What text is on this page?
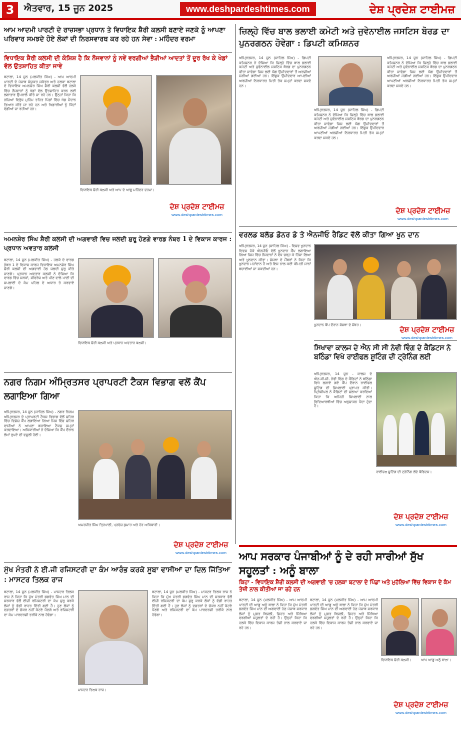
3	ਐਤਵਾਰ, 15 ਜੂਨ 2025	www.deshpardeshtimes.com	ਦੇਸ਼ ਪ੍ਰਦੇਸ਼ ਟਾਈਮਜ਼
ਆਮ ਆਦਮੀ ਪਾਰਟੀ ਦੇ ਰਾਜ਼ਸਭਾ ਪ੍ਰਧਾਨ ਤੇ ਵਿਧਾਇਕ ਸ਼ੈਰੀ ਕਲਸੀ ਬਣਾਏ ਜਣਕੇ ਨੂੰ ਆਪਣਾ ਪਰਿਵਾਰ ਸਮਝਦੇ ਹੋਏ ਲੋਕਾਂ ਦੀ ਨਿਰਸਵਾਰਥ ਕਰ ਰਹੇ ਹਨ ਸੇਵਾ : ਮਹਿੰਦਰ ਵਰਮਾ
ਵਿਧਾਇਕ ਸ਼ੈਰੀ ਕਲਸੀ ਦੀ ਕੋਸ਼ਿਸ਼ ਹੈ ਕਿ ਨੌਜਵਾਨਾਂ ਨੂੰ ਨਵੇਂ ਵਰਗੀਆਂ ਭੈੜੀਆਂ ਆਦਤਾਂ ਤੋਂ ਦੂਰ ਰੱਖ ਕੇ ਖੇਡਾਂ ਵੱਲ ਉਤਸ਼ਾਹਿਤ ਕੀਤਾ ਜਾਵੇ
ਬਟਾਲਾ, 14 ਜੂਨ (ਮਲਕੀਤ ਸਿੰਘ) - ਆਮ ਆਦਮੀ ਪਾਰਟੀ ਦੇ ਪੰਜਾਬ ਸੰਯੁਕਤ ਸਕੱਤਰ ਅਤੇ ਹਲਕਾ ਬਟਾਲਾ ਦੇ ਵਿਧਾਇਕ ਅਮਨਸ਼ੇਰ ਸਿੰਘ ਸ਼ੈਰੀ ਕਲਸੀ ਵੱਲੋਂ ਹਲਕੇ ਵਿੱਚ ਨੌਜਵਾਨਾਂ ਨੂੰ ਖੇਡਾਂ ਵੱਲ ਉਤਸ਼ਾਹਿਤ ਕਰਨ ਲਈ ਲਗਾਤਾਰ ਉਪਰਾਲੇ ਕੀਤੇ ਜਾ ਰਹੇ ਹਨ। ਉਨ੍ਹਾਂ ਕਿਹਾ ਕਿ ਨਸ਼ਿਆਂ ਵਿਰੁੱਧ ਮੁਹਿੰਮ ਤਹਿਤ ਪਿੰਡਾਂ ਵਿੱਚ ਖੇਡ ਮੈਦਾਨ ਤਿਆਰ ਕੀਤੇ ਜਾ ਰਹੇ ਹਨ ਅਤੇ ਖਿਡਾਰੀਆਂ ਨੂੰ ਕਿੱਟਾਂ ਵੰਡੀਆਂ ਜਾ ਰਹੀਆਂ ਹਨ।
ਵਿਧਾਇਕ ਸ਼ੈਰੀ ਕਲਸੀ ਅਤੇ ਆਪ ਦੇ ਆਗੂ ਮਹਿੰਦਰ ਵਰਮਾ।
ਦੇਸ਼ ਪ੍ਰਦੇਸ਼ ਟਾਈਮਜ਼
www.deshpardeshtimes.com
ਅਮਨਸ਼ੇਰ ਸਿੰਘ ਸ਼ੈਰੀ ਕਲਸੀ ਦੀ ਅਗਵਾਈ ਵਿਚ ਜਲਦੀ ਸ਼ੁਰੂ ਹੋਣਗੇ ਵਾਰਡ ਨੰਬਰ 1 ਦੇ ਵਿਕਾਸ ਕਾਰਜ : ਪ੍ਰਧਾਨ ਅਵਤਾਰ ਕਲਸੀ
ਬਟਾਲਾ, 14 ਜੂਨ (ਮਲਕੀਤ ਸਿੰਘ) - ਹਲਕੇ ਦੇ ਵਾਰਡ ਨੰਬਰ 1 ਦੇ ਵਿਕਾਸ ਕਾਰਜ ਵਿਧਾਇਕ ਅਮਨਸ਼ੇਰ ਸਿੰਘ ਸ਼ੈਰੀ ਕਲਸੀ ਦੀ ਅਗਵਾਈ ਹੇਠ ਜਲਦੀ ਸ਼ੁਰੂ ਕੀਤੇ ਜਾਣਗੇ। ਪ੍ਰਧਾਨ ਅਵਤਾਰ ਕਲਸੀ ਨੇ ਦੱਸਿਆ ਕਿ ਵਾਰਡ ਵਿੱਚ ਸੜਕਾਂ, ਸੀਵਰੇਜ ਅਤੇ ਪੀਣ ਵਾਲੇ ਪਾਣੀ ਦੀ ਸਪਲਾਈ ਦੇ ਕੰਮ ਪਹਿਲ ਦੇ ਅਧਾਰ ਤੇ ਕਰਵਾਏ ਜਾਣਗੇ।
ਵਿਧਾਇਕ ਸ਼ੈਰੀ ਕਲਸੀ ਅਤੇ ਪ੍ਰਧਾਨ ਅਵਤਾਰ ਕਲਸੀ।
ਨਗਰ ਨਿਗਮ ਅੰਮ੍ਰਿਤਸਰ ਪ੍ਰਾਪਰਟੀ ਟੈਕਸ ਵਿਭਾਗ ਵਲੋਂ ਕੈਂਪ ਲਗਾਇਆ ਗਿਆ
ਅੰਮ੍ਰਿਤਸਰ, 14 ਜੂਨ (ਸਾਹਿਲ ਸਿੰਘ) - ਨਗਰ ਨਿਗਮ ਅੰਮ੍ਰਿਤਸਰ ਦੇ ਪ੍ਰਾਪਰਟੀ ਟੈਕਸ ਵਿਭਾਗ ਵੱਲੋਂ ਸ਼ਹਿਰ ਵਿੱਚ ਵਿਸ਼ੇਸ਼ ਕੈਂਪ ਲਗਾਇਆ ਗਿਆ ਜਿਸ ਵਿੱਚ ਸ਼ਹਿਰ ਵਾਸੀਆਂ ਨੇ ਆਪਣਾ ਬਕਾਇਆ ਟੈਕਸ ਜਮ੍ਹਾਂ ਕਰਵਾਇਆ। ਅਧਿਕਾਰੀਆਂ ਨੇ ਦੱਸਿਆ ਕਿ ਕੈਂਪ ਦੌਰਾਨ ਲੱਖਾਂ ਰੁਪਏ ਦੀ ਵਸੂਲੀ ਹੋਈ।
ਅਮਰਜੀਤ ਸਿੰਘ ਤ੍ਰਿਪਾਠੀ, ਪ੍ਰਵੇਸ਼ ਕੁਮਾਰ ਅਤੇ ਹੋਰ ਅਧਿਕਾਰੀ।
ਦੇਸ਼ ਪ੍ਰਦੇਸ਼ ਟਾਈਮਜ਼
www.deshpardeshtimes.com
ਮੁੱਖ ਮੰਤਰੀ ਨੇ ਈ.ਜੀ ਰਜਿਸਟਰੀ ਦਾ ਕੰਮ ਆਰੰਭ ਕਰਕੇ ਸੂਬਾ ਵਾਸੀਆਂ ਦਾ ਦਿਲ ਜਿੱਤਿਆ : ਮਾਸਟਰ ਤਿਲਕ ਰਾਜ
ਬਟਾਲਾ, 14 ਜੂਨ (ਮਲਕੀਤ ਸਿੰਘ) - ਮਾਸਟਰ ਤਿਲਕ ਰਾਜ ਨੇ ਕਿਹਾ ਕਿ ਮੁੱਖ ਮੰਤਰੀ ਭਗਵੰਤ ਸਿੰਘ ਮਾਨ ਦੀ ਸਰਕਾਰ ਵੱਲੋਂ ਈਜ਼ੀ ਰਜਿਸਟਰੀ ਦਾ ਕੰਮ ਸ਼ੁਰੂ ਕਰਕੇ ਲੋਕਾਂ ਨੂੰ ਵੱਡੀ ਰਾਹਤ ਦਿੱਤੀ ਗਈ ਹੈ। ਹੁਣ ਲੋਕਾਂ ਨੂੰ ਦਫ਼ਤਰਾਂ ਦੇ ਚੱਕਰ ਨਹੀਂ ਕੱਟਣੇ ਪੈਣਗੇ ਅਤੇ ਰਜਿਸਟਰੀ ਦਾ ਕੰਮ ਪਾਰਦਰਸ਼ੀ ਤਰੀਕੇ ਨਾਲ ਹੋਵੇਗਾ।
ਮਾਸਟਰ ਤਿਲਕ ਰਾਜ।
ਬਟਾਲਾ, 14 ਜੂਨ (ਮਲਕੀਤ ਸਿੰਘ) - ਮਾਸਟਰ ਤਿਲਕ ਰਾਜ ਨੇ ਕਿਹਾ ਕਿ ਮੁੱਖ ਮੰਤਰੀ ਭਗਵੰਤ ਸਿੰਘ ਮਾਨ ਦੀ ਸਰਕਾਰ ਵੱਲੋਂ ਈਜ਼ੀ ਰਜਿਸਟਰੀ ਦਾ ਕੰਮ ਸ਼ੁਰੂ ਕਰਕੇ ਲੋਕਾਂ ਨੂੰ ਵੱਡੀ ਰਾਹਤ ਦਿੱਤੀ ਗਈ ਹੈ। ਹੁਣ ਲੋਕਾਂ ਨੂੰ ਦਫ਼ਤਰਾਂ ਦੇ ਚੱਕਰ ਨਹੀਂ ਕੱਟਣੇ ਪੈਣਗੇ ਅਤੇ ਰਜਿਸਟਰੀ ਦਾ ਕੰਮ ਪਾਰਦਰਸ਼ੀ ਤਰੀਕੇ ਨਾਲ ਹੋਵੇਗਾ।
ਜ਼ਿਲ੍ਹੇ ਵਿੱਚ ਬਾਲ ਭਲਾਈ ਕਮੇਟੀ ਅਤੇ ਜੁਵੇਨਾਈਲ ਜਸਟਿਸ ਬੋਰਡ ਦਾ ਪੁਨਰਗਠਨ ਹੋਵੇਗਾ : ਡਿਪਟੀ ਕਮਿਸ਼ਨਰ
ਅੰਮ੍ਰਿਤਸਰ, 14 ਜੂਨ (ਸਾਹਿਲ ਸਿੰਘ) - ਡਿਪਟੀ ਕਮਿਸ਼ਨਰ ਨੇ ਦੱਸਿਆ ਕਿ ਜ਼ਿਲ੍ਹੇ ਵਿੱਚ ਬਾਲ ਭਲਾਈ ਕਮੇਟੀ ਅਤੇ ਜੁਵੇਨਾਈਲ ਜਸਟਿਸ ਬੋਰਡ ਦਾ ਪੁਨਰਗਠਨ ਕੀਤਾ ਜਾਵੇਗਾ ਜਿਸ ਲਈ ਯੋਗ ਉਮੀਦਵਾਰਾਂ ਤੋਂ ਅਰਜ਼ੀਆਂ ਮੰਗੀਆਂ ਗਈਆਂ ਹਨ। ਇੱਛੁਕ ਉਮੀਦਵਾਰ ਆਪਣੀਆਂ ਅਰਜ਼ੀਆਂ ਨਿਰਧਾਰਤ ਮਿਤੀ ਤੱਕ ਜਮ੍ਹਾਂ ਕਰਵਾ ਸਕਦੇ ਹਨ।
ਅੰਮ੍ਰਿਤਸਰ, 14 ਜੂਨ (ਸਾਹਿਲ ਸਿੰਘ) - ਡਿਪਟੀ ਕਮਿਸ਼ਨਰ ਨੇ ਦੱਸਿਆ ਕਿ ਜ਼ਿਲ੍ਹੇ ਵਿੱਚ ਬਾਲ ਭਲਾਈ ਕਮੇਟੀ ਅਤੇ ਜੁਵੇਨਾਈਲ ਜਸਟਿਸ ਬੋਰਡ ਦਾ ਪੁਨਰਗਠਨ ਕੀਤਾ ਜਾਵੇਗਾ ਜਿਸ ਲਈ ਯੋਗ ਉਮੀਦਵਾਰਾਂ ਤੋਂ ਅਰਜ਼ੀਆਂ ਮੰਗੀਆਂ ਗਈਆਂ ਹਨ। ਇੱਛੁਕ ਉਮੀਦਵਾਰ ਆਪਣੀਆਂ ਅਰਜ਼ੀਆਂ ਨਿਰਧਾਰਤ ਮਿਤੀ ਤੱਕ ਜਮ੍ਹਾਂ ਕਰਵਾ ਸਕਦੇ ਹਨ।
ਅੰਮ੍ਰਿਤਸਰ, 14 ਜੂਨ (ਸਾਹਿਲ ਸਿੰਘ) - ਡਿਪਟੀ ਕਮਿਸ਼ਨਰ ਨੇ ਦੱਸਿਆ ਕਿ ਜ਼ਿਲ੍ਹੇ ਵਿੱਚ ਬਾਲ ਭਲਾਈ ਕਮੇਟੀ ਅਤੇ ਜੁਵੇਨਾਈਲ ਜਸਟਿਸ ਬੋਰਡ ਦਾ ਪੁਨਰਗਠਨ ਕੀਤਾ ਜਾਵੇਗਾ ਜਿਸ ਲਈ ਯੋਗ ਉਮੀਦਵਾਰਾਂ ਤੋਂ ਅਰਜ਼ੀਆਂ ਮੰਗੀਆਂ ਗਈਆਂ ਹਨ। ਇੱਛੁਕ ਉਮੀਦਵਾਰ ਆਪਣੀਆਂ ਅਰਜ਼ੀਆਂ ਨਿਰਧਾਰਤ ਮਿਤੀ ਤੱਕ ਜਮ੍ਹਾਂ ਕਰਵਾ ਸਕਦੇ ਹਨ।
ਦੇਸ਼ ਪ੍ਰਦੇਸ਼ ਟਾਈਮਜ਼
www.deshpardeshtimes.com
ਵਰਲਡ ਬਲੱਡ ਡੋਨਰ ਡੇ ਤੇ ਐਨਜੀਓ ਰੈਡਿਟ ਵੱਲੋਂ ਕੀਤਾ ਗਿਆ ਖੂਨ ਦਾਨ
ਅੰਮ੍ਰਿਤਸਰ, 14 ਜੂਨ (ਸਾਹਿਲ ਸਿੰਘ) - ਵਿਸ਼ਵ ਖੂਨਦਾਨ ਦਿਵਸ ਮੌਕੇ ਐਨਜੀਓ ਵੱਲੋਂ ਖੂਨਦਾਨ ਕੈਂਪ ਲਗਾਇਆ ਗਿਆ ਜਿਸ ਵਿੱਚ ਨੌਜਵਾਨਾਂ ਨੇ ਵੱਧ ਚੜ੍ਹ ਕੇ ਹਿੱਸਾ ਲਿਆ ਅਤੇ ਖੂਨਦਾਨ ਕੀਤਾ। ਸੰਸਥਾ ਦੇ ਮੈਂਬਰਾਂ ਨੇ ਕਿਹਾ ਕਿ ਖੂਨਦਾਨ ਮਹਾਂਦਾਨ ਹੈ ਅਤੇ ਇਸ ਨਾਲ ਕਈ ਕੀਮਤੀ ਜਾਨਾਂ ਬਚਾਈਆਂ ਜਾ ਸਕਦੀਆਂ ਹਨ।
ਖੂਨਦਾਨ ਕੈਂਪ ਦੌਰਾਨ ਸੰਸਥਾ ਦੇ ਮੈਂਬਰ।	ਦੇਸ਼ ਪ੍ਰਦੇਸ਼ ਟਾਈਮਜ਼
www.deshpardeshtimes.com
ਸਿਖਾਵਾ ਕਾਲਜ ਦੇ ਐਨ ਸੀ ਸੀ ਨੇਵੀ ਵਿੰਗ ਦੇ ਕੈਡਿਟਸ ਨੇ ਬਠਿੰਡਾ ਵਿਖੇ ਰਾਈਫਲ ਸ਼ੂਟਿੰਗ ਦੀ ਟ੍ਰੇਨਿੰਗ ਲਈ
ਅੰਮ੍ਰਿਤਸਰ, 14 ਜੂਨ - ਕਾਲਜ ਦੇ ਐਨ.ਸੀ.ਸੀ. ਨੇਵੀ ਵਿੰਗ ਦੇ ਕੈਡਿਟਾਂ ਨੇ ਬਠਿੰਡਾ ਵਿਖੇ ਲਗਾਏ ਗਏ ਕੈਂਪ ਦੌਰਾਨ ਰਾਈਫਲ ਸ਼ੂਟਿੰਗ ਦੀ ਸਿਖਲਾਈ ਪ੍ਰਾਪਤ ਕੀਤੀ। ਪ੍ਰਿੰਸੀਪਲ ਨੇ ਕੈਡਿਟਾਂ ਦੀ ਸ਼ਲਾਘਾ ਕਰਦਿਆਂ ਕਿਹਾ ਕਿ ਅਜਿਹੀ ਸਿਖਲਾਈ ਨਾਲ ਵਿਦਿਆਰਥੀਆਂ ਵਿੱਚ ਅਨੁਸ਼ਾਸਨ ਪੈਦਾ ਹੁੰਦਾ ਹੈ।
ਰਾਈਫਲ ਸ਼ੂਟਿੰਗ ਦੀ ਟ੍ਰੇਨਿੰਗ ਲੈਂਦੇ ਕੈਡਿਟਸ।
ਦੇਸ਼ ਪ੍ਰਦੇਸ਼ ਟਾਈਮਜ਼
www.deshpardeshtimes.com
ਆਪ ਸਰਕਾਰ ਪੰਜਾਬੀਆਂ ਨੂੰ ਦੇ ਰਹੀ ਸਾਰੀਆਂ ਸੁੱਖ ਸਹੂਲਤਾਂ : ਅਨੂੰ ਬਾਲਾ
ਕਿਹਾ - ਵਿਧਾਇਕ ਸ਼ੈਰੀ ਕਲਸੀ ਦੀ ਅਗਵਾਈ 'ਚ ਹਲਕਾ ਬਟਾਲਾ ਦੇ ਪਿੰਡਾਂ ਅਤੇ ਮੁਹੱਲਿਆਂ ਵਿੱਚ ਵਿਕਾਸ ਦੇ ਕੰਮ ਤੇਜ਼ੀ ਨਾਲ ਕੀਤੀਆਂ ਜਾ ਰਹੇ ਹਨ
ਬਟਾਲਾ, 14 ਜੂਨ (ਮਲਕੀਤ ਸਿੰਘ) - ਆਮ ਆਦਮੀ ਪਾਰਟੀ ਦੀ ਆਗੂ ਅਨੂੰ ਬਾਲਾ ਨੇ ਕਿਹਾ ਕਿ ਮੁੱਖ ਮੰਤਰੀ ਭਗਵੰਤ ਸਿੰਘ ਮਾਨ ਦੀ ਅਗਵਾਈ ਹੇਠ ਪੰਜਾਬ ਸਰਕਾਰ ਲੋਕਾਂ ਨੂੰ ਮੁਫ਼ਤ ਬਿਜਲੀ, ਸਿਹਤ ਅਤੇ ਸਿੱਖਿਆ ਵਰਗੀਆਂ ਸਹੂਲਤਾਂ ਦੇ ਰਹੀ ਹੈ। ਉਨ੍ਹਾਂ ਕਿਹਾ ਕਿ ਹਲਕੇ ਵਿੱਚ ਵਿਕਾਸ ਕਾਰਜ ਤੇਜ਼ੀ ਨਾਲ ਕਰਵਾਏ ਜਾ ਰਹੇ ਹਨ।
ਬਟਾਲਾ, 14 ਜੂਨ (ਮਲਕੀਤ ਸਿੰਘ) - ਆਮ ਆਦਮੀ ਪਾਰਟੀ ਦੀ ਆਗੂ ਅਨੂੰ ਬਾਲਾ ਨੇ ਕਿਹਾ ਕਿ ਮੁੱਖ ਮੰਤਰੀ ਭਗਵੰਤ ਸਿੰਘ ਮਾਨ ਦੀ ਅਗਵਾਈ ਹੇਠ ਪੰਜਾਬ ਸਰਕਾਰ ਲੋਕਾਂ ਨੂੰ ਮੁਫ਼ਤ ਬਿਜਲੀ, ਸਿਹਤ ਅਤੇ ਸਿੱਖਿਆ ਵਰਗੀਆਂ ਸਹੂਲਤਾਂ ਦੇ ਰਹੀ ਹੈ। ਉਨ੍ਹਾਂ ਕਿਹਾ ਕਿ ਹਲਕੇ ਵਿੱਚ ਵਿਕਾਸ ਕਾਰਜ ਤੇਜ਼ੀ ਨਾਲ ਕਰਵਾਏ ਜਾ ਰਹੇ ਹਨ।
ਵਿਧਾਇਕ ਸ਼ੈਰੀ ਕਲਸੀ।	ਆਪ ਆਗੂ ਅਨੂੰ ਬਾਲਾ।
ਦੇਸ਼ ਪ੍ਰਦੇਸ਼ ਟਾਈਮਜ਼
www.deshpardeshtimes.com
